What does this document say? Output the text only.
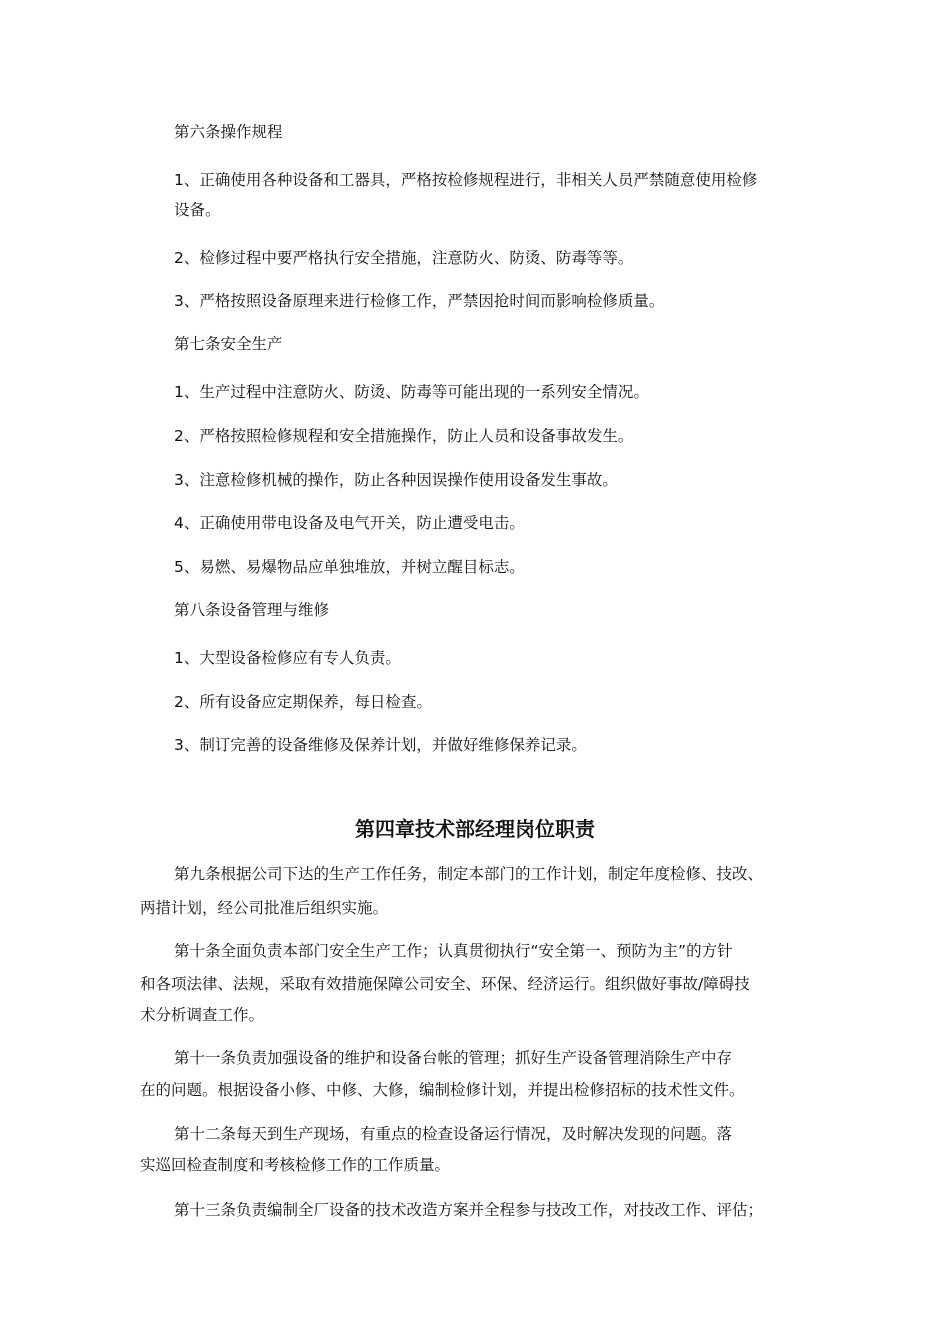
第六条操作规程

1、正确使用各种设备和工器具，严格按检修规程进行，非相关人员严禁随意使用检修

设备。

2、检修过程中要严格执行安全措施，注意防火、防烫、防毒等等。

3、严格按照设备原理来进行检修工作，严禁因抢时间而影响检修质量。

第七条安全生产

1、生产过程中注意防火、防烫、防毒等可能出现的一系列安全情况。

2、严格按照检修规程和安全措施操作，防止人员和设备事故发生。

3、注意检修机械的操作，防止各种因误操作使用设备发生事故。

4、正确使用带电设备及电气开关，防止遭受电击。

5、易燃、易爆物品应单独堆放，并树立醒目标志。

第八条设备管理与维修

1、大型设备检修应有专人负责。

2、所有设备应定期保养，每日检查。

3、制订完善的设备维修及保养计划，并做好维修保养记录。

第四章技术部经理岗位职责

第九条根据公司下达的生产工作任务，制定本部门的工作计划，制定年度检修、技改、

两措计划，经公司批准后组织实施。

第十条全面负责本部门安全生产工作；认真贯彻执行“安全第一、预防为主”的方针

和各项法律、法规，采取有效措施保障公司安全、环保、经济运行。组织做好事故/障碍技

术分析调查工作。

第十一条负责加强设备的维护和设备台帐的管理；抓好生产设备管理消除生产中存

在的问题。根据设备小修、中修、大修，编制检修计划，并提出检修招标的技术性文件。

第十二条每天到生产现场，有重点的检查设备运行情况，及时解决发现的问题。落

实巡回检查制度和考核检修工作的工作质量。

第十三条负责编制全厂设备的技术改造方案并全程参与技改工作，对技改工作、评估；
